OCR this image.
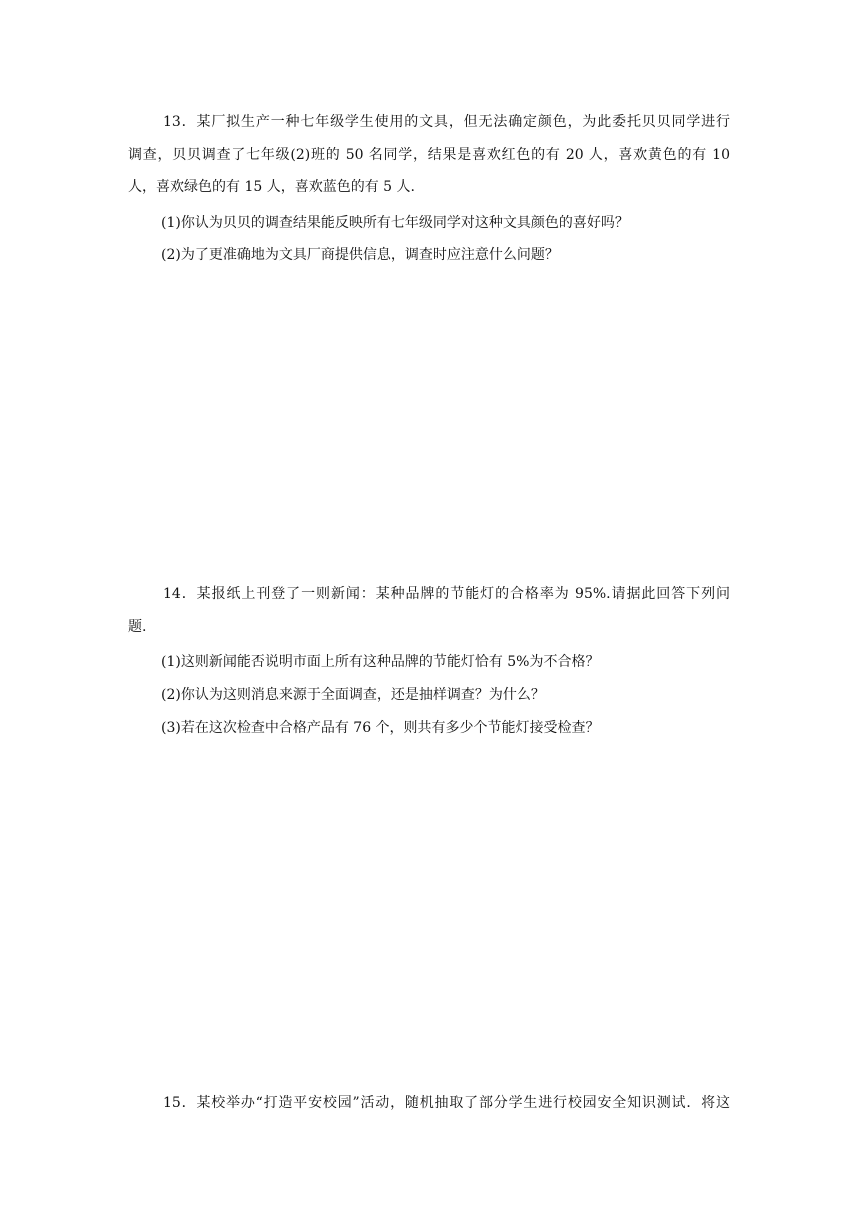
13．某厂拟生产一种七年级学生使用的文具，但无法确定颜色，为此委托贝贝同学进行
调查，贝贝调查了七年级(2)班的 50 名同学，结果是喜欢红色的有 20 人，喜欢黄色的有 10
人，喜欢绿色的有 15 人，喜欢蓝色的有 5 人.
(1)你认为贝贝的调查结果能反映所有七年级同学对这种文具颜色的喜好吗？
(2)为了更准确地为文具厂商提供信息，调查时应注意什么问题？
14．某报纸上刊登了一则新闻：某种品牌的节能灯的合格率为 95%.请据此回答下列问
题.
(1)这则新闻能否说明市面上所有这种品牌的节能灯恰有 5%为不合格？
(2)你认为这则消息来源于全面调查，还是抽样调查？为什么？
(3)若在这次检查中合格产品有 76 个，则共有多少个节能灯接受检查？
15．某校举办“打造平安校园”活动，随机抽取了部分学生进行校园安全知识测试．将这
